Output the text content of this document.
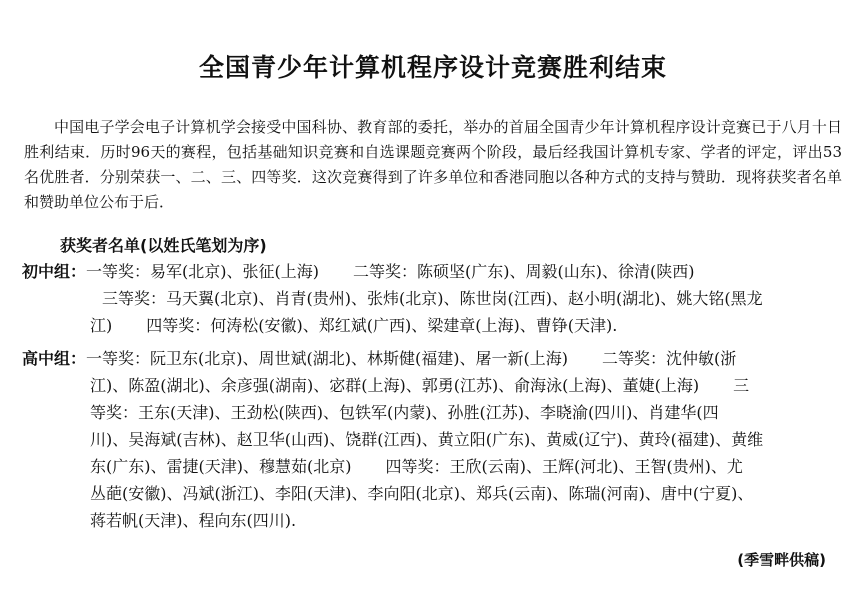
全国青少年计算机程序设计竞赛胜利结束

中国电子学会电子计算机学会接受中国科协、教育部的委托，举办的首届全国青少年计算机程序设计竞赛已于八月十日胜利结束．历时96天的赛程，包括基础知识竞赛和自选课题竞赛两个阶段，最后经我国计算机专家、学者的评定，评出53名优胜者．分别荣获一、二、三、四等奖．这次竞赛得到了许多单位和香港同胞以各种方式的支持与赞助．现将获奖者名单和赞助单位公布于后．

获奖者名单(以姓氏笔划为序)
初中组：一等奖：易军(北京)、张征(上海) 二等奖：陈硕坚(广东)、周毅(山东)、徐清(陕西)
三等奖：马天翼(北京)、肖青(贵州)、张炜(北京)、陈世岗(江西)、赵小明(湖北)、姚大铭(黑龙
江) 四等奖：何涛松(安徽)、郑红斌(广西)、梁建章(上海)、曹铮(天津).
高中组：一等奖：阮卫东(北京)、周世斌(湖北)、林斯健(福建)、屠一新(上海) 二等奖：沈仲敏(浙
江)、陈盈(湖北)、余彦强(湖南)、宓群(上海)、郭勇(江苏)、俞海泳(上海)、董婕(上海) 三
等奖：王东(天津)、王劲松(陕西)、包铁军(内蒙)、孙胜(江苏)、李晓渝(四川)、肖建华(四
川)、吴海斌(吉林)、赵卫华(山西)、饶群(江西)、黄立阳(广东)、黄威(辽宁)、黄玲(福建)、黄维
东(广东)、雷捷(天津)、穆慧茹(北京) 四等奖：王欣(云南)、王辉(河北)、王智(贵州)、尤
丛葩(安徽)、冯斌(浙江)、李阳(天津)、李向阳(北京)、郑兵(云南)、陈瑞(河南)、唐中(宁夏)、
蒋若帆(天津)、程向东(四川).
(季雪畔供稿)
